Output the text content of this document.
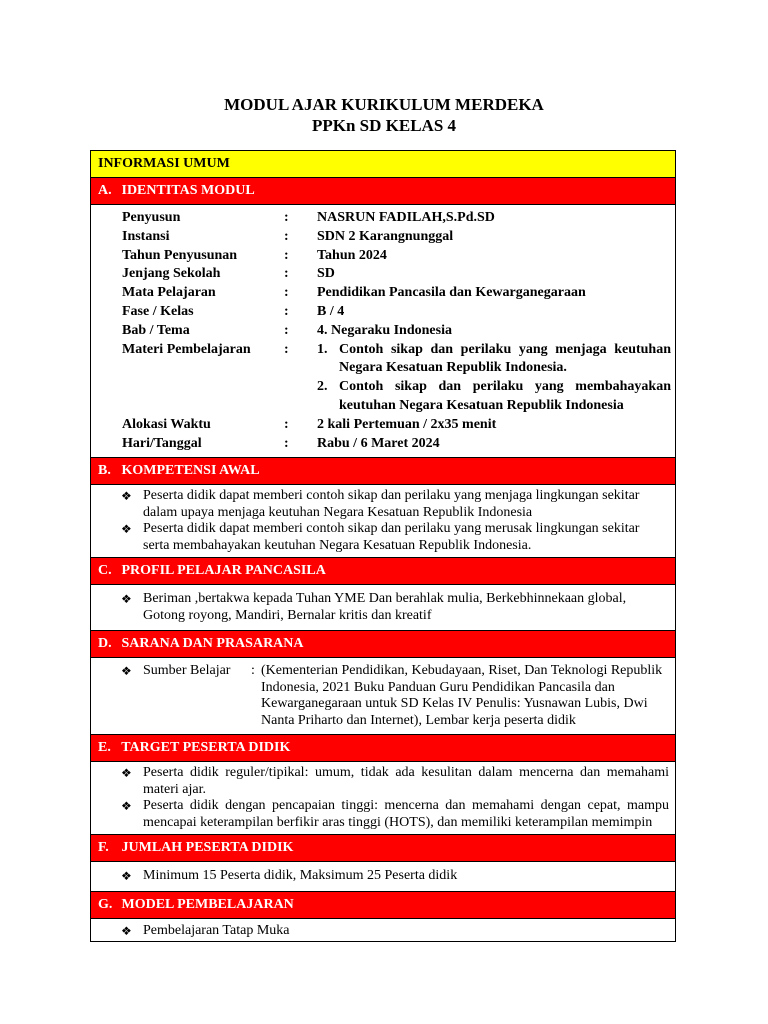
MODUL AJAR KURIKULUM MERDEKA
PPKn SD KELAS 4
INFORMASI UMUM
A. IDENTITAS MODUL
Penyusun	:	NASRUN FADILAH,S.Pd.SD
Instansi	:	SDN 2 Karangnunggal
Tahun Penyusunan	:	Tahun 2024
Jenjang Sekolah	:	SD
Mata Pelajaran	:	Pendidikan Pancasila dan Kewarganegaraan
Fase / Kelas	:	B / 4
Bab / Tema	:	4. Negaraku Indonesia
Materi Pembelajaran	:	1. Contoh sikap dan perilaku yang menjaga keutuhan Negara Kesatuan Republik Indonesia.
2. Contoh sikap dan perilaku yang membahayakan keutuhan Negara Kesatuan Republik Indonesia
Alokasi Waktu	:	2 kali Pertemuan / 2x35 menit
Hari/Tanggal	:	Rabu / 6 Maret 2024
B. KOMPETENSI AWAL
❖ Peserta didik dapat memberi contoh sikap dan perilaku yang menjaga lingkungan sekitar dalam upaya menjaga keutuhan Negara Kesatuan Republik Indonesia
❖ Peserta didik dapat memberi contoh sikap dan perilaku yang merusak lingkungan sekitar serta membahayakan keutuhan Negara Kesatuan Republik Indonesia.
C. PROFIL PELAJAR PANCASILA
❖ Beriman ,bertakwa kepada Tuhan YME Dan berahlak mulia, Berkebhinnekaan global, Gotong royong, Mandiri, Bernalar kritis dan kreatif
D. SARANA DAN PRASARANA
❖ Sumber Belajar	: (Kementerian Pendidikan, Kebudayaan, Riset, Dan Teknologi Republik Indonesia, 2021 Buku Panduan Guru Pendidikan Pancasila dan Kewarganegaraan untuk SD Kelas IV Penulis: Yusnawan Lubis, Dwi Nanta Priharto dan Internet), Lembar kerja peserta didik
E. TARGET PESERTA DIDIK
❖ Peserta didik reguler/tipikal: umum, tidak ada kesulitan dalam mencerna dan memahami materi ajar.
❖ Peserta didik dengan pencapaian tinggi: mencerna dan memahami dengan cepat, mampu mencapai keterampilan berfikir aras tinggi (HOTS), dan memiliki keterampilan memimpin
F. JUMLAH PESERTA DIDIK
❖ Minimum 15 Peserta didik, Maksimum 25 Peserta didik
G. MODEL PEMBELAJARAN
❖ Pembelajaran Tatap Muka
